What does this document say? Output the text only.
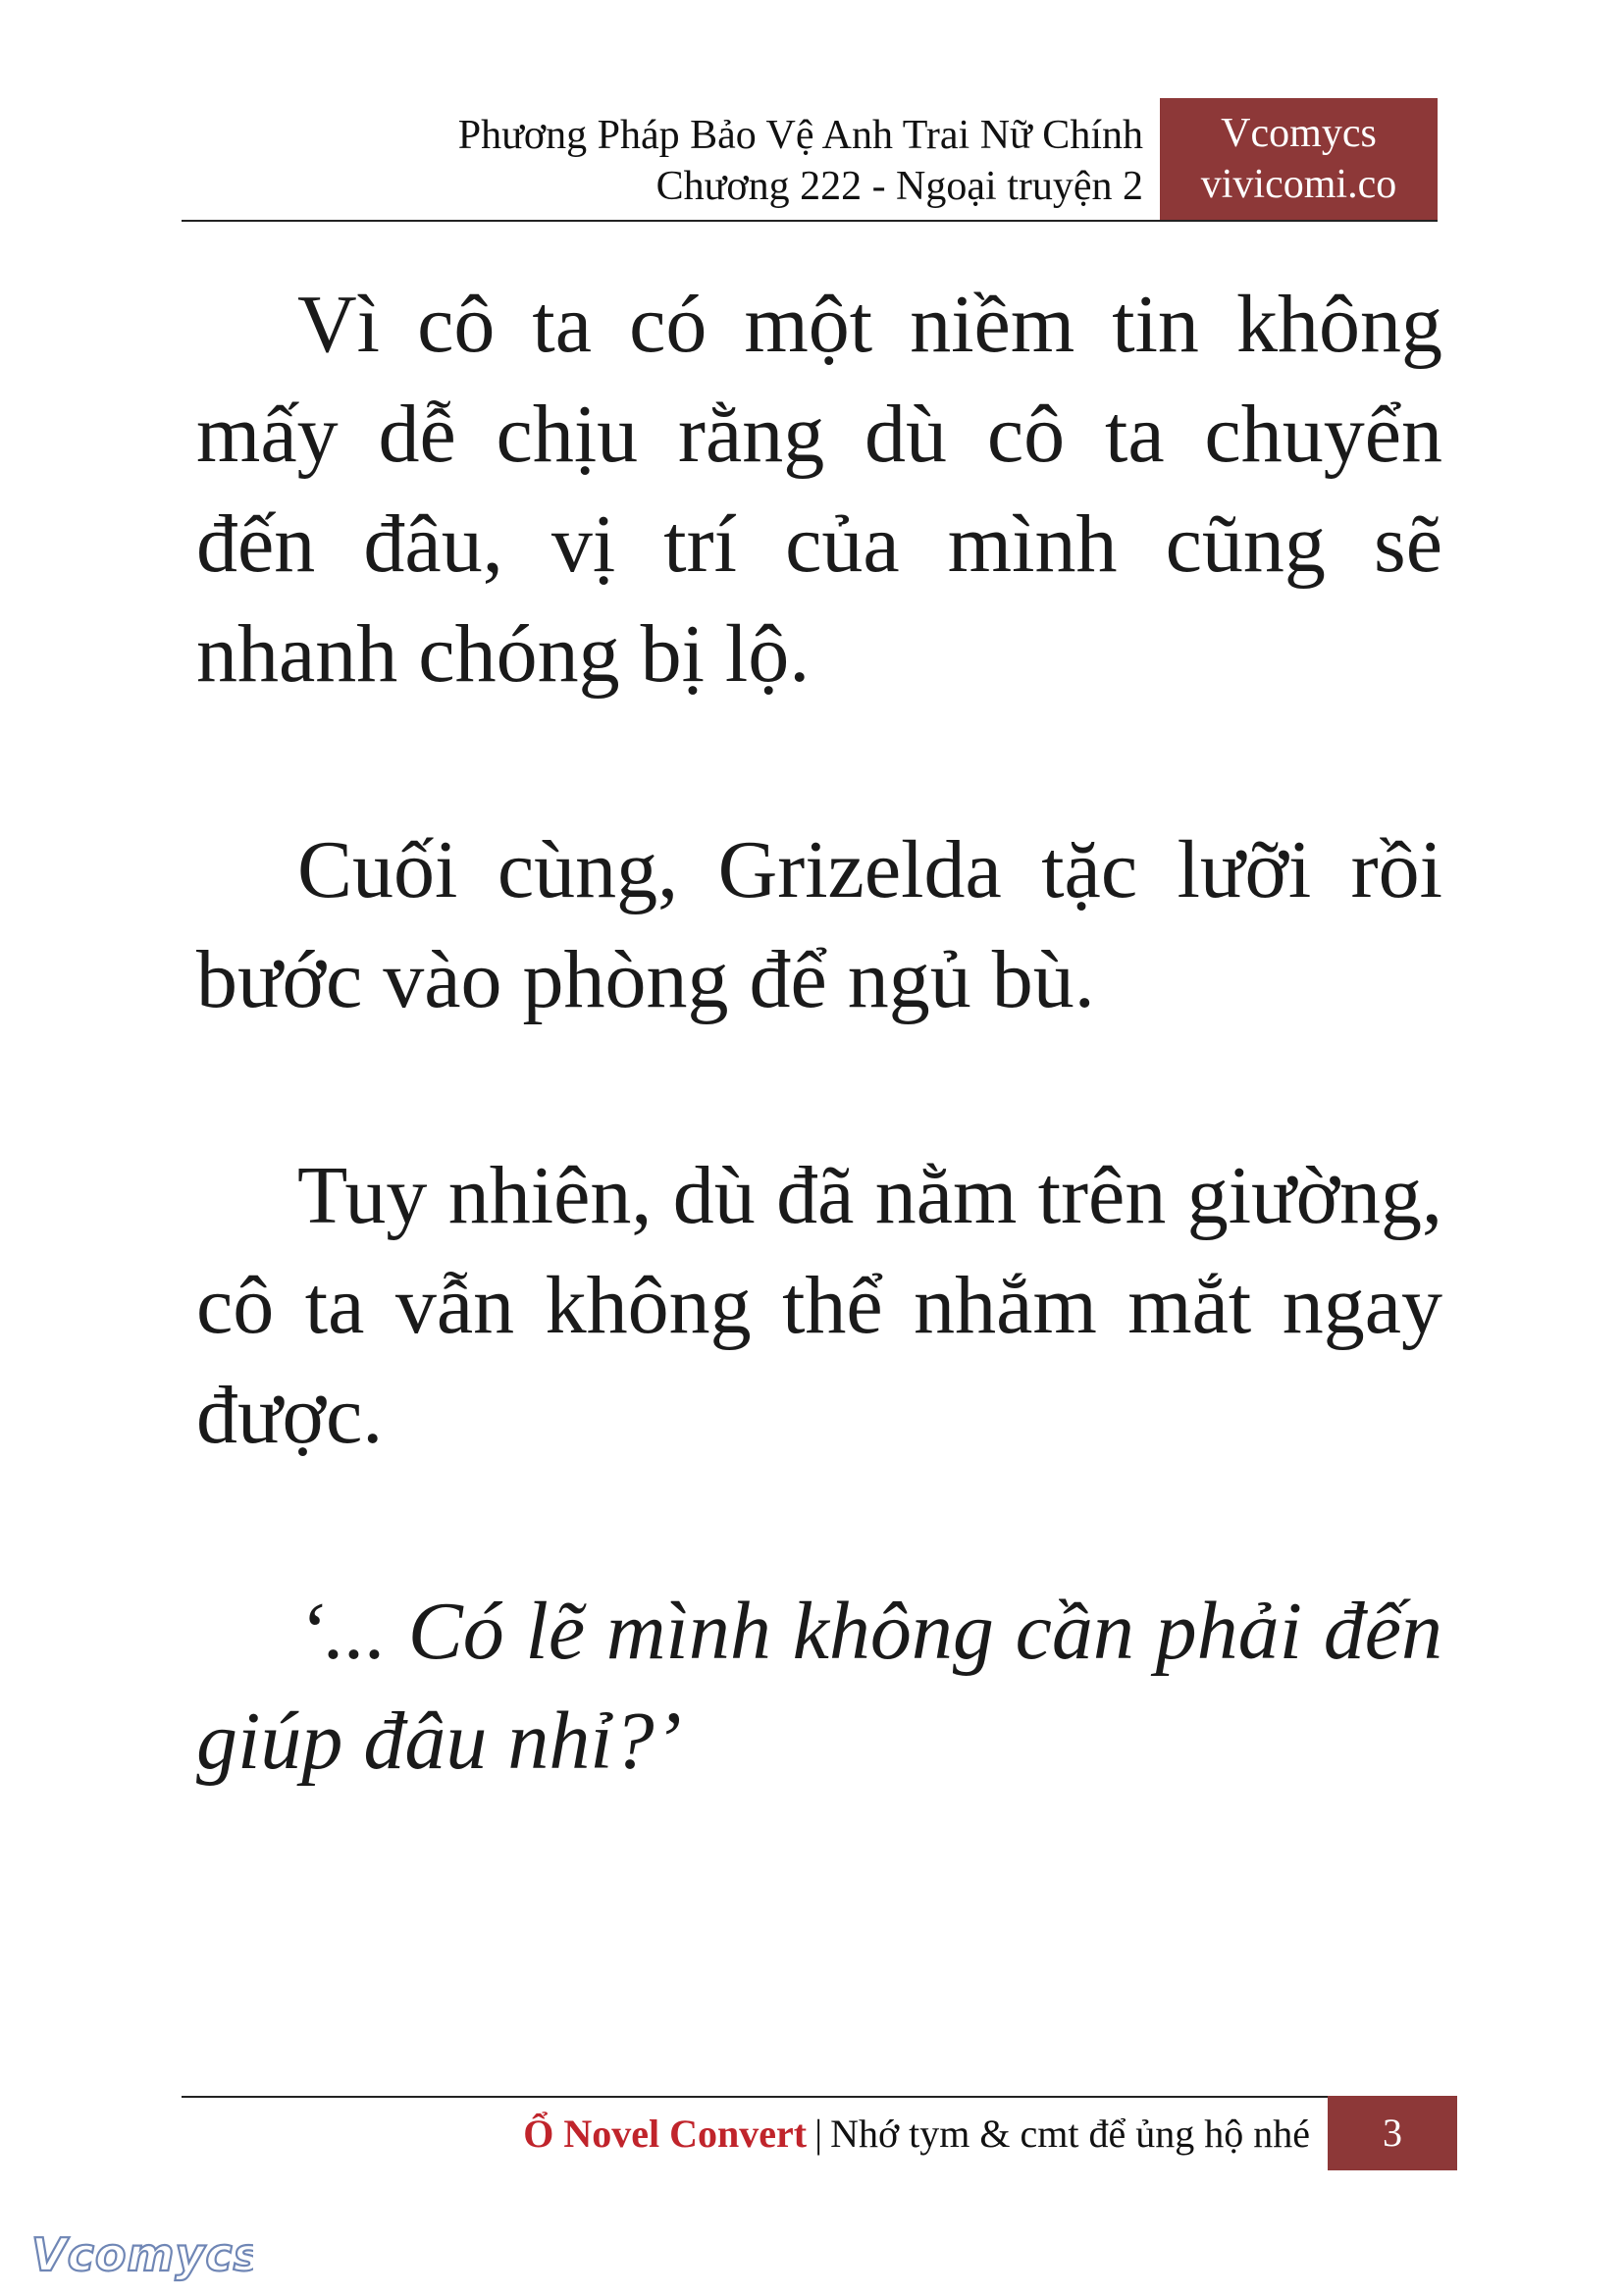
Phương Pháp Bảo Vệ Anh Trai Nữ Chính
Chương 222 - Ngoại truyện 2
Vcomycs
vivicomi.co

Vì cô ta có một niềm tin không mấy dễ chịu rằng dù cô ta chuyển đến đâu, vị trí của mình cũng sẽ nhanh chóng bị lộ.

Cuối cùng, Grizelda tặc lưỡi rồi bước vào phòng để ngủ bù.

Tuy nhiên, dù đã nằm trên giường, cô ta vẫn không thể nhắm mắt ngay được.

‘... Có lẽ mình không cần phải đến giúp đâu nhỉ?’

Ổ Novel Convert | Nhớ tym & cmt để ủng hộ nhé	3
Vcomycs
